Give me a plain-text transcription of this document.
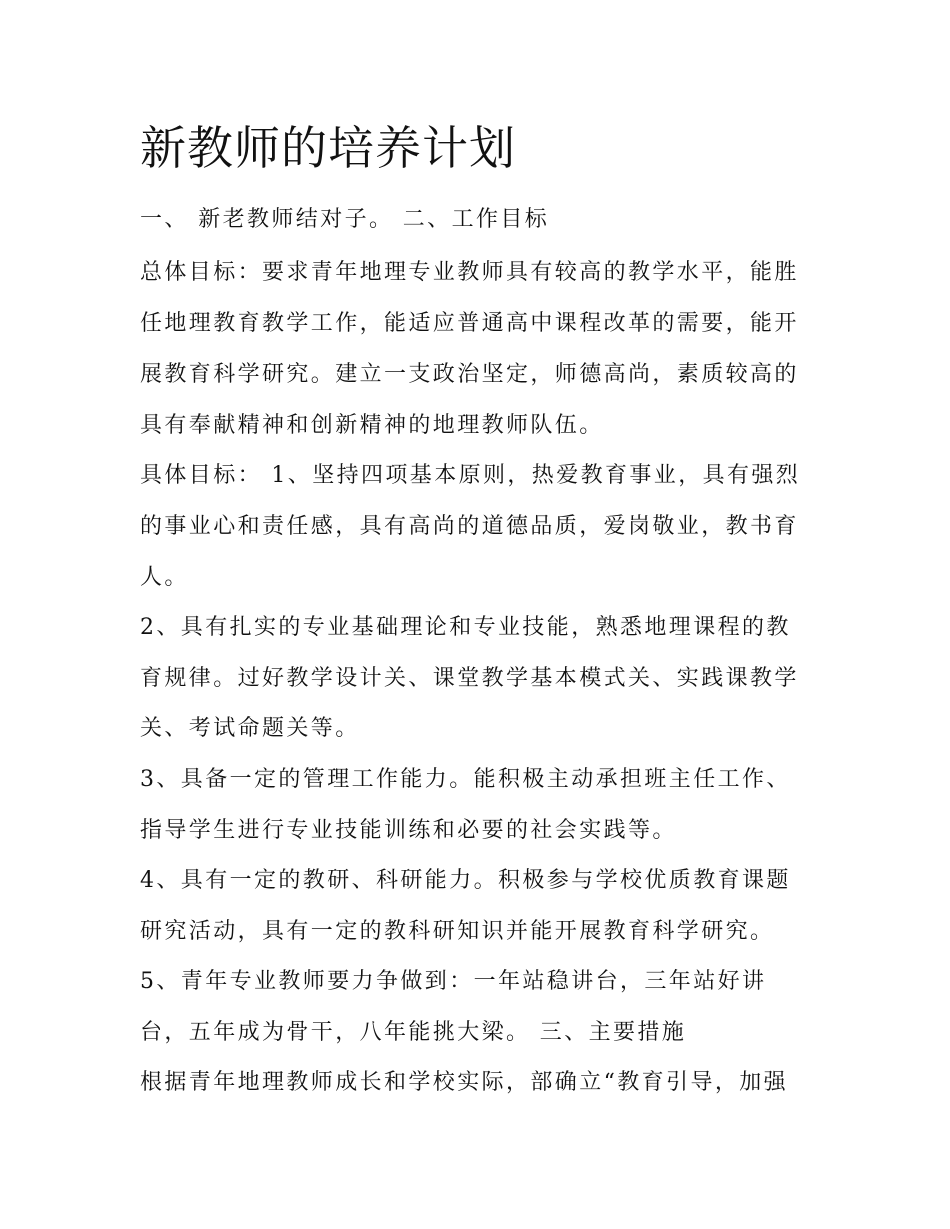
新教师的培养计划
一、 新老教师结对子。 二、工作目标
总体目标：要求青年地理专业教师具有较高的教学水平，能胜
任地理教育教学工作，能适应普通高中课程改革的需要，能开
展教育科学研究。建立一支政治坚定，师德高尚，素质较高的
具有奉献精神和创新精神的地理教师队伍。
具体目标： 1、坚持四项基本原则，热爱教育事业，具有强烈
的事业心和责任感，具有高尚的道德品质，爱岗敬业，教书育
人。
2、具有扎实的专业基础理论和专业技能，熟悉地理课程的教
育规律。过好教学设计关、课堂教学基本模式关、实践课教学
关、考试命题关等。
3、具备一定的管理工作能力。能积极主动承担班主任工作、
指导学生进行专业技能训练和必要的社会实践等。
4、具有一定的教研、科研能力。积极参与学校优质教育课题
研究活动，具有一定的教科研知识并能开展教育科学研究。
5、青年专业教师要力争做到：一年站稳讲台，三年站好讲
台，五年成为骨干，八年能挑大梁。 三、主要措施
根据青年地理教师成长和学校实际，部确立“教育引导，加强
